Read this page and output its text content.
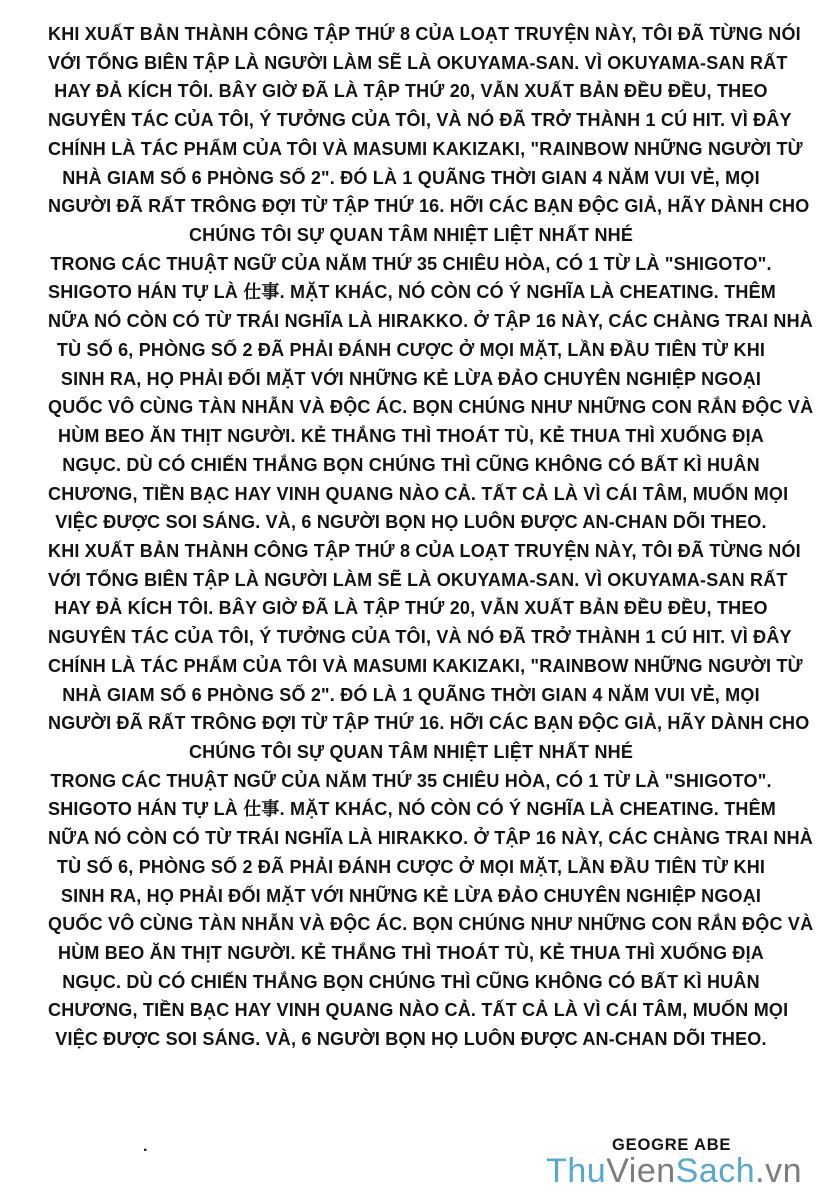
KHI XUẤT BẢN THÀNH CÔNG TẬP THỨ 8 CỦA LOẠT TRUYỆN NÀY, TÔI ĐÃ TỪNG NÓI
VỚI TỔNG BIÊN TẬP LÀ NGƯỜI LÀM SẼ LÀ OKUYAMA-SAN. VÌ OKUYAMA-SAN RẤT
HAY ĐẢ KÍCH TÔI. BÂY GIỜ ĐÃ LÀ TẬP THỨ 20, VẪN XUẤT BẢN ĐỀU ĐỀU, THEO
NGUYÊN TÁC CỦA TÔI, Ý TƯỞNG CỦA TÔI, VÀ NÓ ĐÃ TRỞ THÀNH 1 CÚ HIT. VÌ ĐÂY
CHÍNH LÀ TÁC PHẨM CỦA TÔI VÀ MASUMI KAKIZAKI, "RAINBOW NHỮNG NGƯỜI TỪ
NHÀ GIAM SỐ 6 PHÒNG SỐ 2". ĐÓ LÀ 1 QUÃNG THỜI GIAN 4 NĂM VUI VẺ, MỌI
NGƯỜI ĐÃ RẤT TRÔNG ĐỢI TỪ TẬP THỨ 16. HỠI CÁC BẠN ĐỘC GIẢ, HÃY DÀNH CHO
CHÚNG TÔI SỰ QUAN TÂM NHIỆT LIỆT NHẤT NHÉ
TRONG CÁC THUẬT NGỮ CỦA NĂM THỨ 35 CHIÊU HÒA, CÓ 1 TỪ LÀ "SHIGOTO".
SHIGOTO HÁN TỰ LÀ 仕事. MẶT KHÁC, NÓ CÒN CÓ Ý NGHĨA LÀ CHEATING. THÊM
NỮA NÓ CÒN CÓ TỪ TRÁI NGHĨA LÀ HIRAKKO. Ở TẬP 16 NÀY, CÁC CHÀNG TRAI NHÀ
TÙ SỐ 6, PHÒNG SỐ 2 ĐÃ PHẢI ĐÁNH CƯỢC Ở MỌI MẶT, LẦN ĐẦU TIÊN TỪ KHI
SINH RA, HỌ PHẢI ĐỐI MẶT VỚI NHỮNG KẺ LỪA ĐẢO CHUYÊN NGHIỆP NGOẠI
QUỐC VÔ CÙNG TÀN NHẪN VÀ ĐỘC ÁC. BỌN CHÚNG NHƯ NHỮNG CON RẮN ĐỘC VÀ
HÙM BEO ĂN THỊT NGƯỜI. KẺ THẮNG THÌ THOÁT TÙ, KẺ THUA THÌ XUỐNG ĐỊA
NGỤC. DÙ CÓ CHIẾN THẮNG BỌN CHÚNG THÌ CŨNG KHÔNG CÓ BẤT KÌ HUÂN
CHƯƠNG, TIỀN BẠC HAY VINH QUANG NÀO CẢ. TẤT CẢ LÀ VÌ CÁI TÂM, MUỐN MỌI
VIỆC ĐƯỢC SOI SÁNG. VÀ, 6 NGƯỜI BỌN HỌ LUÔN ĐƯỢC AN-CHAN DÕI THEO.
KHI XUẤT BẢN THÀNH CÔNG TẬP THỨ 8 CỦA LOẠT TRUYỆN NÀY, TÔI ĐÃ TỪNG NÓI
VỚI TỔNG BIÊN TẬP LÀ NGƯỜI LÀM SẼ LÀ OKUYAMA-SAN. VÌ OKUYAMA-SAN RẤT
HAY ĐẢ KÍCH TÔI. BÂY GIỜ ĐÃ LÀ TẬP THỨ 20, VẪN XUẤT BẢN ĐỀU ĐỀU, THEO
NGUYÊN TÁC CỦA TÔI, Ý TƯỞNG CỦA TÔI, VÀ NÓ ĐÃ TRỞ THÀNH 1 CÚ HIT. VÌ ĐÂY
CHÍNH LÀ TÁC PHẨM CỦA TÔI VÀ MASUMI KAKIZAKI, "RAINBOW NHỮNG NGƯỜI TỪ
NHÀ GIAM SỐ 6 PHÒNG SỐ 2". ĐÓ LÀ 1 QUÃNG THỜI GIAN 4 NĂM VUI VẺ, MỌI
NGƯỜI ĐÃ RẤT TRÔNG ĐỢI TỪ TẬP THỨ 16. HỠI CÁC BẠN ĐỘC GIẢ, HÃY DÀNH CHO
CHÚNG TÔI SỰ QUAN TÂM NHIỆT LIỆT NHẤT NHÉ
TRONG CÁC THUẬT NGỮ CỦA NĂM THỨ 35 CHIÊU HÒA, CÓ 1 TỪ LÀ "SHIGOTO".
SHIGOTO HÁN TỰ LÀ 仕事. MẶT KHÁC, NÓ CÒN CÓ Ý NGHĨA LÀ CHEATING. THÊM
NỮA NÓ CÒN CÓ TỪ TRÁI NGHĨA LÀ HIRAKKO. Ở TẬP 16 NÀY, CÁC CHÀNG TRAI NHÀ
TÙ SỐ 6, PHÒNG SỐ 2 ĐÃ PHẢI ĐÁNH CƯỢC Ở MỌI MẶT, LẦN ĐẦU TIÊN TỪ KHI
SINH RA, HỌ PHẢI ĐỐI MẶT VỚI NHỮNG KẺ LỪA ĐẢO CHUYÊN NGHIỆP NGOẠI
QUỐC VÔ CÙNG TÀN NHẪN VÀ ĐỘC ÁC. BỌN CHÚNG NHƯ NHỮNG CON RẮN ĐỘC VÀ
HÙM BEO ĂN THỊT NGƯỜI. KẺ THẮNG THÌ THOÁT TÙ, KẺ THUA THÌ XUỐNG ĐỊA
NGỤC. DÙ CÓ CHIẾN THẮNG BỌN CHÚNG THÌ CŨNG KHÔNG CÓ BẤT KÌ HUÂN
CHƯƠNG, TIỀN BẠC HAY VINH QUANG NÀO CẢ. TẤT CẢ LÀ VÌ CÁI TÂM, MUỐN MỌI
VIỆC ĐƯỢC SOI SÁNG. VÀ, 6 NGƯỜI BỌN HỌ LUÔN ĐƯỢC AN-CHAN DÕI THEO.
.	GEOGRE ABE
ThuVienSach.vn
